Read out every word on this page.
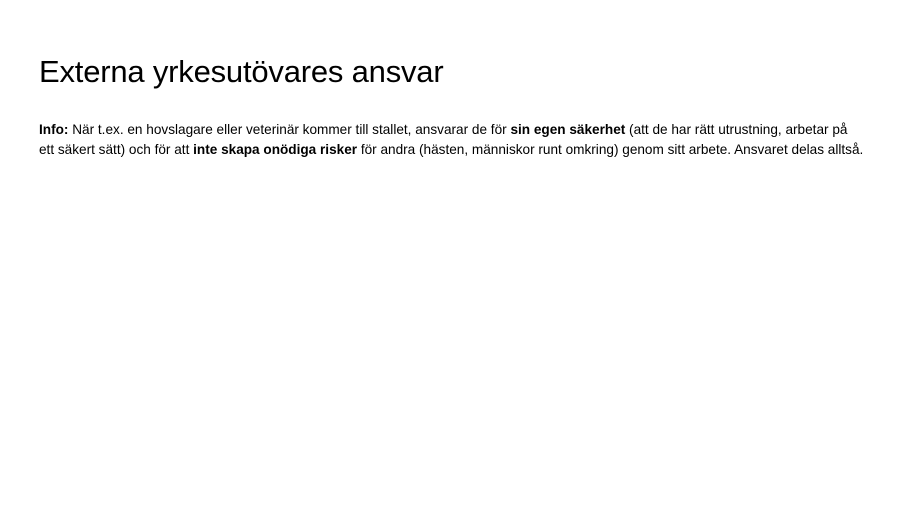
Externa yrkesutövares ansvar

Info: När t.ex. en hovslagare eller veterinär kommer till stallet, ansvarar de för sin egen säkerhet (att de har rätt utrustning, arbetar på ett säkert sätt) och för att inte skapa onödiga risker för andra (hästen, människor runt omkring) genom sitt arbete. Ansvaret delas alltså.
